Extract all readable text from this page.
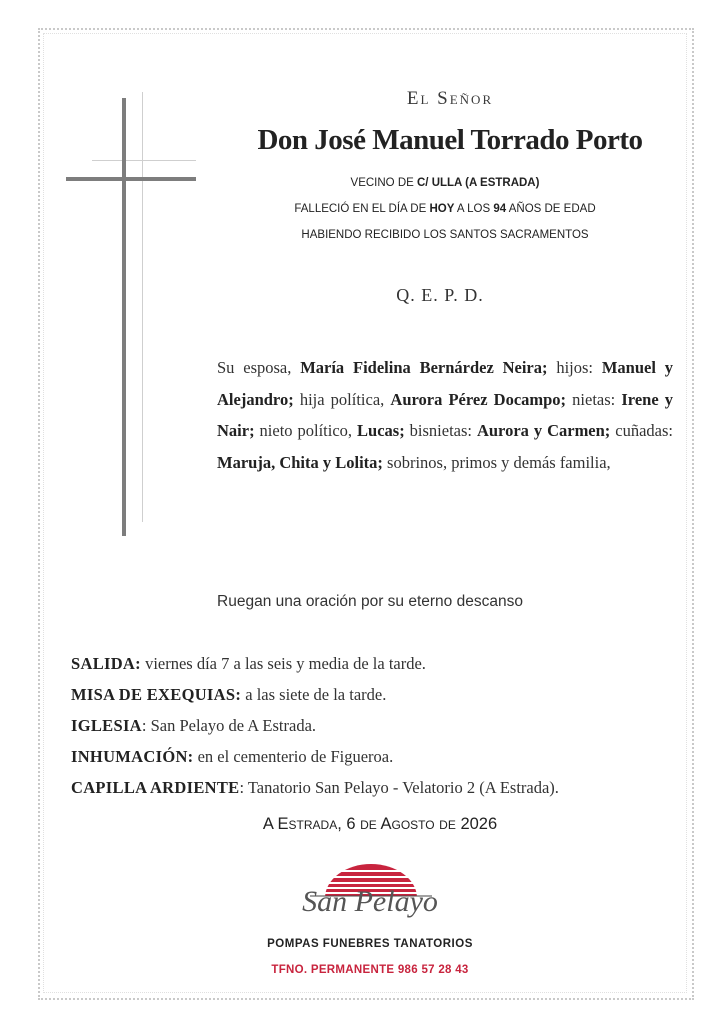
El Señor
Don José Manuel Torrado Porto
VECINO DE C/ ULLA (A ESTRADA)
FALLECIÓ EN EL DÍA DE HOY A LOS 94 AÑOS DE EDAD
HABIENDO RECIBIDO LOS SANTOS SACRAMENTOS
Q. E. P. D.
Su esposa, María Fidelina Bernárdez Neira; hijos: Manuel y Alejandro; hija política, Aurora Pérez Docampo; nietas: Irene y Nair; nieto político, Lucas; bisnietas: Aurora y Carmen; cuñadas: Maruja, Chita y Lolita; sobrinos, primos y demás familia,
Ruegan una oración por su eterno descanso
SALIDA: viernes día 7 a las seis y media de la tarde.
MISA DE EXEQUIAS: a las siete de la tarde.
IGLESIA: San Pelayo de A Estrada.
INHUMACIÓN: en el cementerio de Figueroa.
CAPILLA ARDIENTE: Tanatorio San Pelayo - Velatorio 2 (A Estrada).
A Estrada, 6 de Agosto de 2026
San Pelayo
POMPAS FUNEBRES TANATORIOS
TFNO. PERMANENTE 986 57 28 43
